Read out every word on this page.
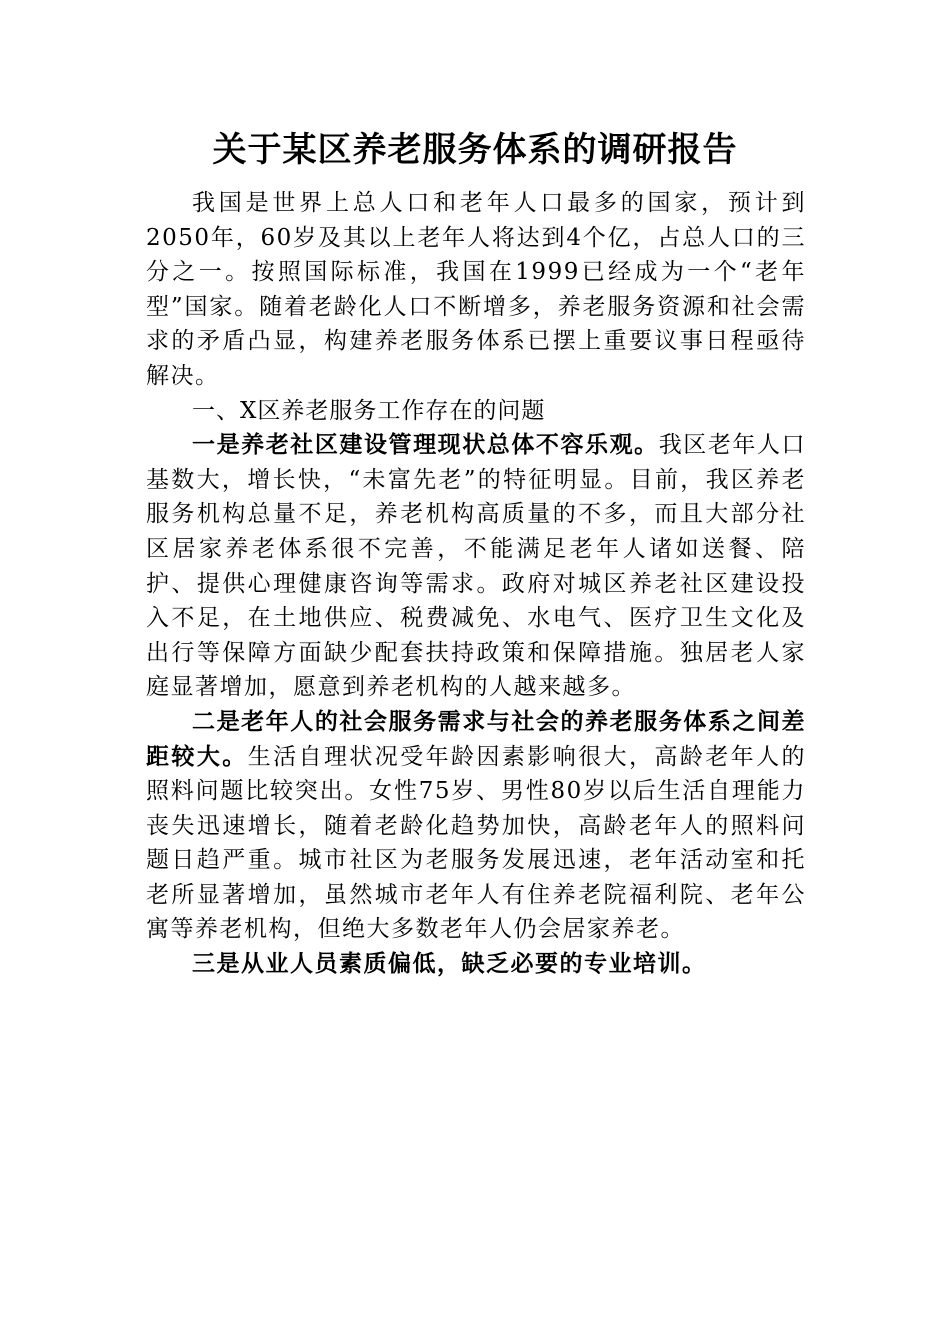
关于某区养老服务体系的调研报告

我国是世界上总人口和老年人口最多的国家，预计到2050年，60岁及其以上老年人将达到4个亿，占总人口的三分之一。按照国际标准，我国在1999已经成为一个“老年型”国家。随着老龄化人口不断增多，养老服务资源和社会需求的矛盾凸显，构建养老服务体系已摆上重要议事日程亟待解决。

一、X区养老服务工作存在的问题

一是养老社区建设管理现状总体不容乐观。我区老年人口基数大，增长快，“未富先老”的特征明显。目前，我区养老服务机构总量不足，养老机构高质量的不多，而且大部分社区居家养老体系很不完善，不能满足老年人诸如送餐、陪护、提供心理健康咨询等需求。政府对城区养老社区建设投入不足，在土地供应、税费减免、水电气、医疗卫生文化及出行等保障方面缺少配套扶持政策和保障措施。独居老人家庭显著增加，愿意到养老机构的人越来越多。

二是老年人的社会服务需求与社会的养老服务体系之间差距较大。生活自理状况受年龄因素影响很大，高龄老年人的照料问题比较突出。女性75岁、男性80岁以后生活自理能力丧失迅速增长，随着老龄化趋势加快，高龄老年人的照料问题日趋严重。城市社区为老服务发展迅速，老年活动室和托老所显著增加，虽然城市老年人有住养老院福利院、老年公寓等养老机构，但绝大多数老年人仍会居家养老。

三是从业人员素质偏低，缺乏必要的专业培训。
